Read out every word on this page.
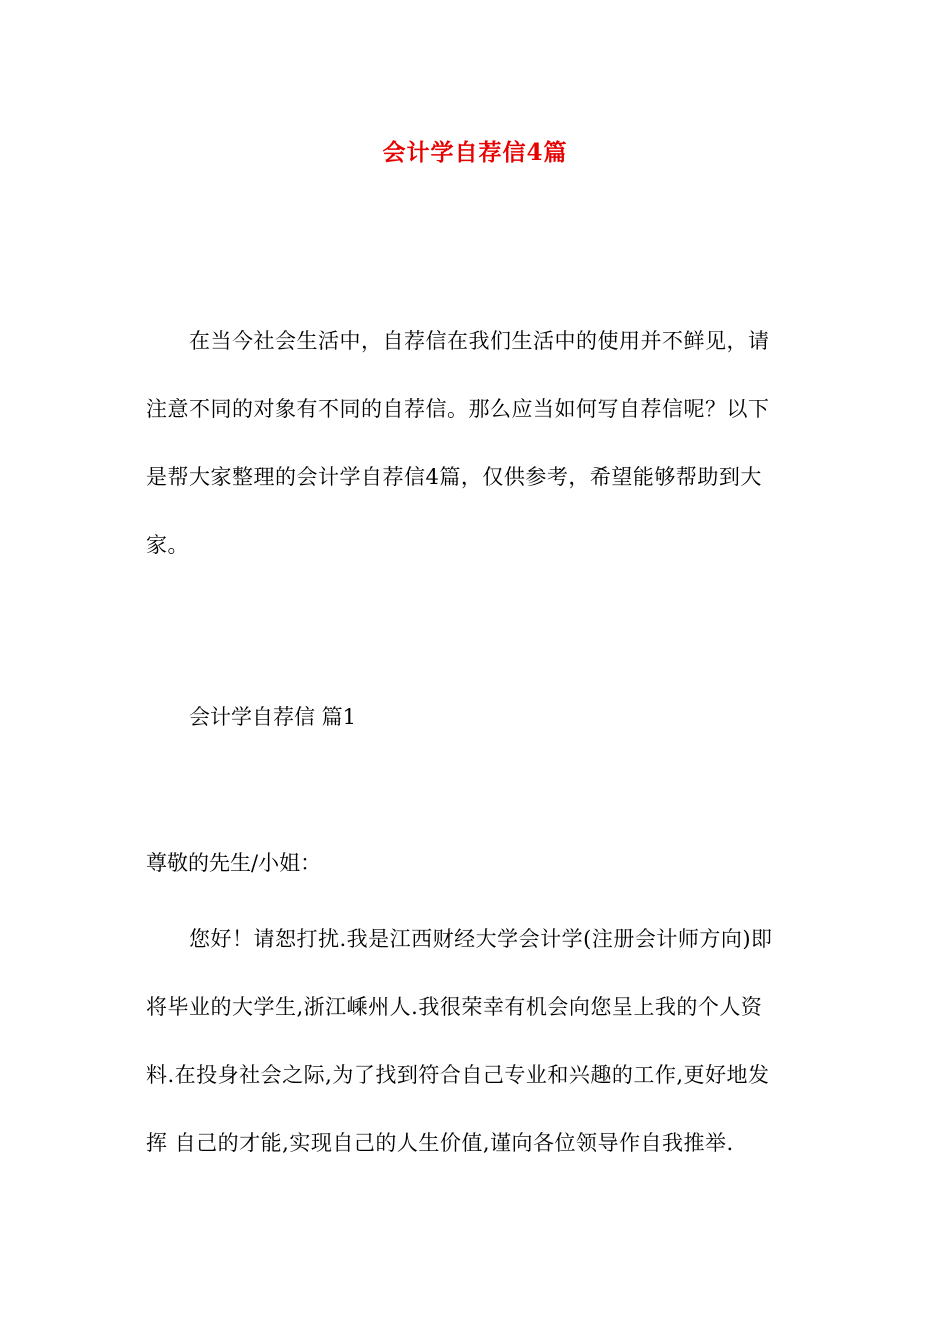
会计学自荐信4篇
在当今社会生活中，自荐信在我们生活中的使用并不鲜见，请
注意不同的对象有不同的自荐信。那么应当如何写自荐信呢？以下
是帮大家整理的会计学自荐信4篇，仅供参考，希望能够帮助到大
家。
会计学自荐信 篇1
尊敬的先生/小姐：
您好！请恕打扰.我是江西财经大学会计学(注册会计师方向)即
将毕业的大学生,浙江嵊州人.我很荣幸有机会向您呈上我的个人资
料.在投身社会之际,为了找到符合自己专业和兴趣的工作,更好地发
挥 自己的才能,实现自己的人生价值,谨向各位领导作自我推举.
